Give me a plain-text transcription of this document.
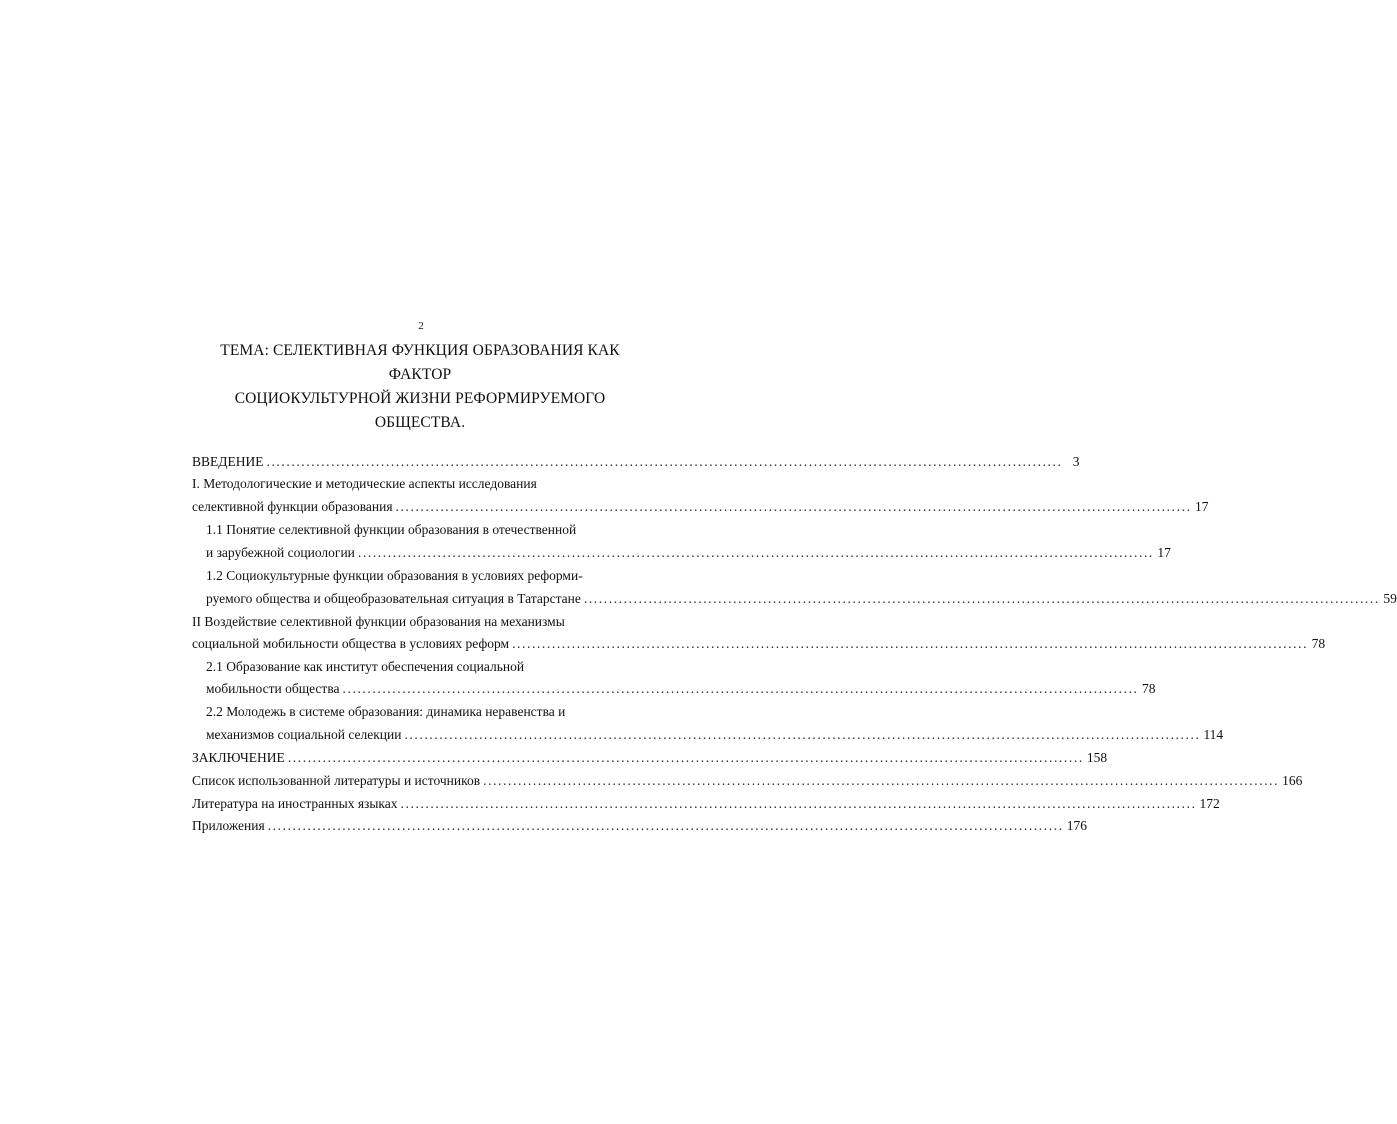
2
ТЕМА: СЕЛЕКТИВНАЯ ФУНКЦИЯ ОБРАЗОВАНИЯ КАК ФАКТОР
СОЦИОКУЛЬТУРНОЙ ЖИЗНИ РЕФОРМИРУЕМОГО ОБЩЕСТВА.
ВВЕДЕНИЕ ................................................................................................................................................................ 3
I. Методологические и методические аспекты исследования
селективной функции образования ................................................................................................................................................................ 17
1.1 Понятие селективной функции образования в отечественной
и зарубежной социологии ................................................................................................................................................................ 17
1.2 Социокультурные функции образования в условиях реформи-
руемого общества и общеобразовательная ситуация в Татарстане ................................................................................................................................................................ 59
II Воздействие селективной функции образования на механизмы
социальной мобильности общества в условиях реформ ................................................................................................................................................................ 78
2.1 Образование как институт обеспечения социальной
мобильности общества ................................................................................................................................................................ 78
2.2 Молодежь в системе образования: динамика неравенства и
механизмов социальной селекции ................................................................................................................................................................ 114
ЗАКЛЮЧЕНИЕ ................................................................................................................................................................ 158
Список использованной литературы и источников ................................................................................................................................................................ 166
Литература на иностранных языках ................................................................................................................................................................ 172
Приложения ................................................................................................................................................................ 176
